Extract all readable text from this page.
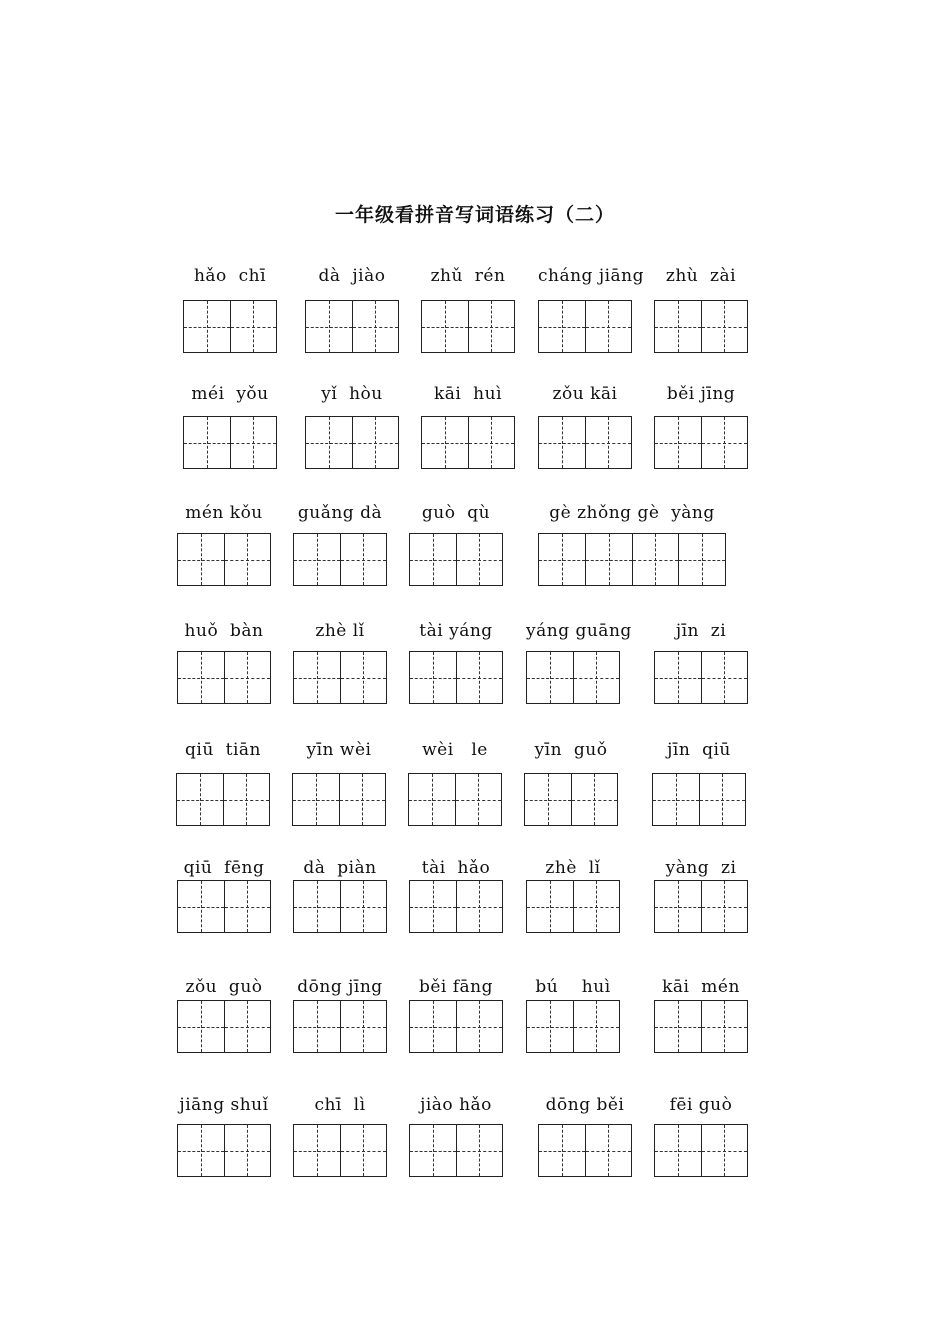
一年级看拼音写词语练习（二）
hǎo  chī	dà  jiào	zhǔ  rén	cháng jiāng	zhù  zài
méi  yǒu	yǐ  hòu	kāi  huì	zǒu kāi	běi jīng
mén kǒu	guǎng dà	guò  qù	gè zhǒng gè  yàng
huǒ  bàn	zhè lǐ	tài yáng	yáng guāng	jīn  zi
qiū  tiān	yīn wèi	wèi   le	yīn  guǒ	jīn  qiū
qiū  fēng	dà  piàn	tài  hǎo	zhè  lǐ	yàng  zi
zǒu  guò	dōng jīng	běi fāng	bú    huì	kāi  mén
jiāng shuǐ	chī  lì	jiào hǎo	dōng běi	fēi guò
